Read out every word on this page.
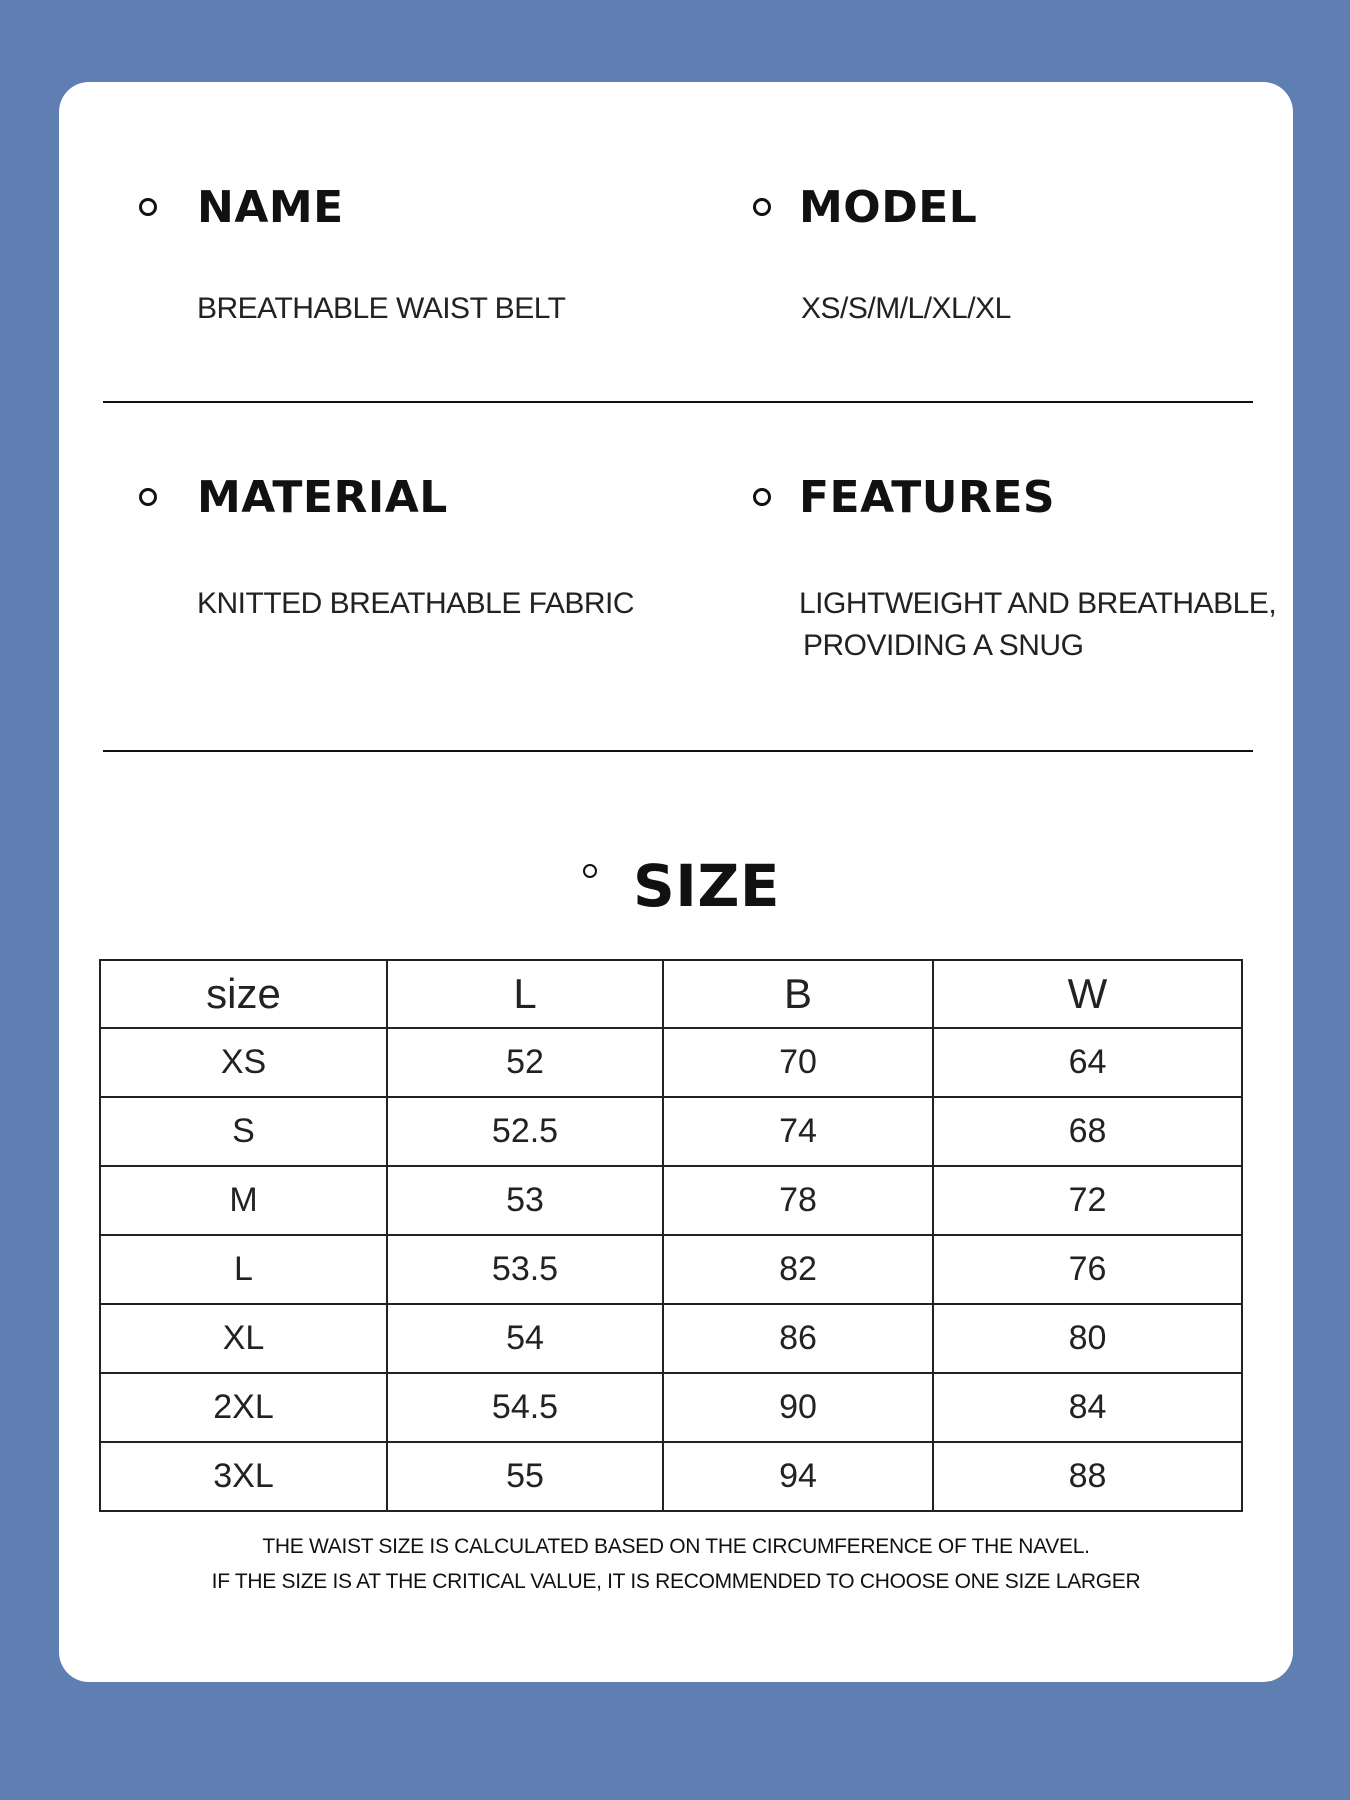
NAME
BREATHABLE WAIST BELT
MODEL
XS/S/M/L/XL/XL
MATERIAL
KNITTED BREATHABLE FABRIC
FEATURES
LIGHTWEIGHT AND BREATHABLE,
PROVIDING A SNUG
SIZE
size	L	B	W
XS	52	70	64
S	52.5	74	68
M	53	78	72
L	53.5	82	76
XL	54	86	80
2XL	54.5	90	84
3XL	55	94	88
THE WAIST SIZE IS CALCULATED BASED ON THE CIRCUMFERENCE OF THE NAVEL.
IF THE SIZE IS AT THE CRITICAL VALUE, IT IS RECOMMENDED TO CHOOSE ONE SIZE LARGER
